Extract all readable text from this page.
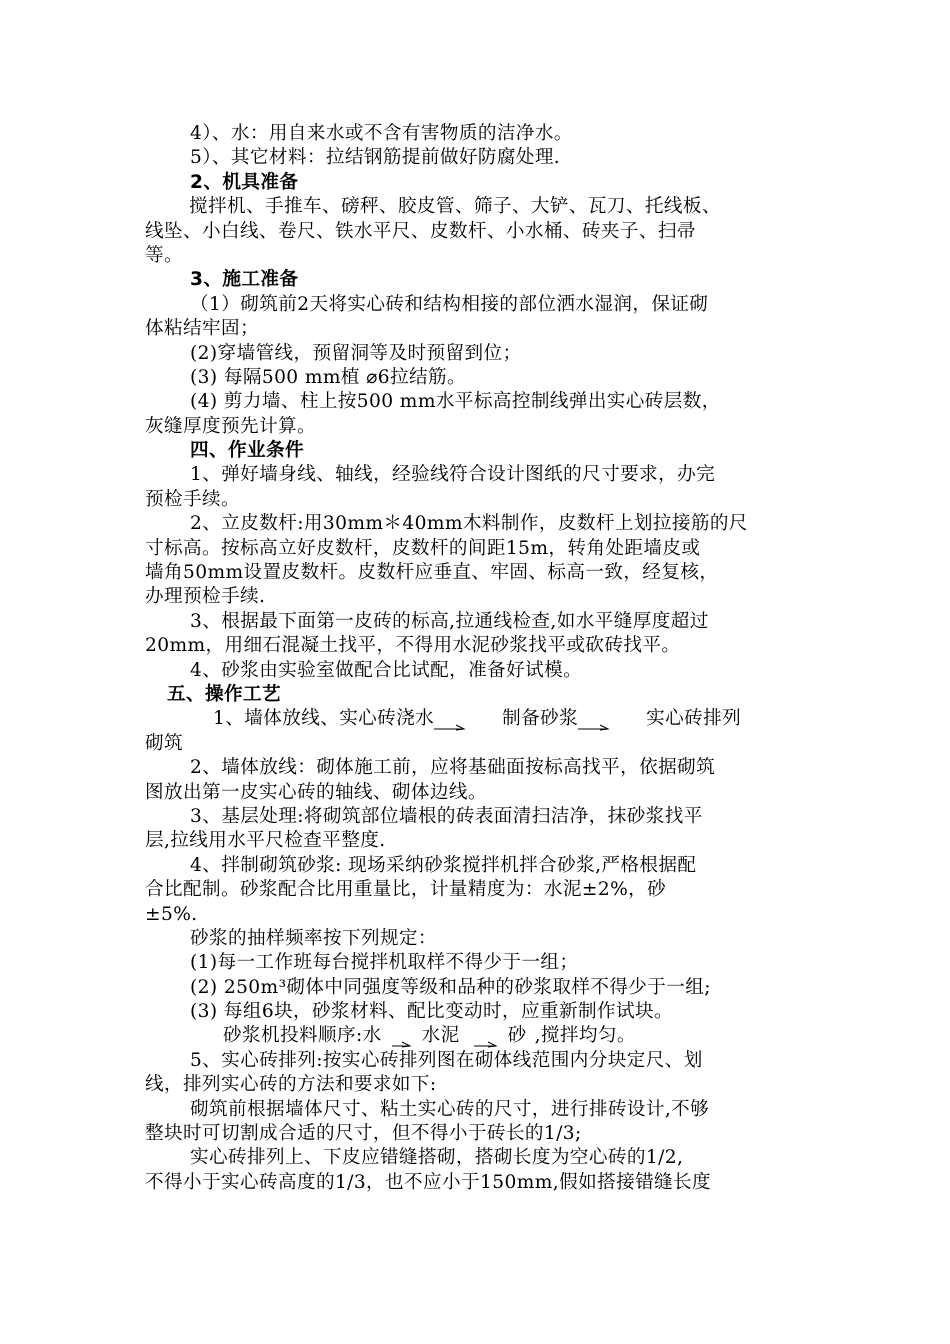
4）、水：用自来水或不含有害物质的洁净水。
5）、其它材料：拉结钢筋提前做好防腐处理.
2、机具准备
搅拌机、手推车、磅秤、胶皮管、筛子、大铲、瓦刀、托线板、
线坠、小白线、卷尺、铁水平尺、皮数杆、小水桶、砖夹子、扫帚
等。
3、施工准备
（1）砌筑前2天将实心砖和结构相接的部位洒水湿润，保证砌
体粘结牢固；
(2)穿墙管线，预留洞等及时预留到位；
(3) 每隔500 mm植 ⌀6拉结筋。
(4) 剪力墙、柱上按500 mm水平标高控制线弹出实心砖层数，
灰缝厚度预先计算。
四、作业条件
1、弹好墙身线、轴线，经验线符合设计图纸的尺寸要求，办完
预检手续。
2、立皮数杆:用30mm＊40mm木料制作，皮数杆上划拉接筋的尺
寸标高。按标高立好皮数杆，皮数杆的间距15m，转角处距墙皮或
墙角50mm设置皮数杆。皮数杆应垂直、牢固、标高一致，经复核，
办理预检手续.
3、根据最下面第一皮砖的标高,拉通线检查,如水平缝厚度超过
20mm，用细石混凝土找平，不得用水泥砂浆找平或砍砖找平。
4、砂浆由实验室做配合比试配，准备好试模。
五、操作工艺
1、墙体放线、实心砖浇水	制备砂浆	实心砖排列
砌筑
2、墙体放线：砌体施工前，应将基础面按标高找平，依据砌筑
图放出第一皮实心砖的轴线、砌体边线。
3、基层处理:将砌筑部位墙根的砖表面清扫洁净，抹砂浆找平
层,拉线用水平尺检查平整度.
4、拌制砌筑砂浆: 现场采纳砂浆搅拌机拌合砂浆,严格根据配
合比配制。砂浆配合比用重量比，计量精度为：水泥±2%，砂
±5%.
砂浆的抽样频率按下列规定：
(1)每一工作班每台搅拌机取样不得少于一组；
(2) 250m³砌体中同强度等级和品种的砂浆取样不得少于一组;
(3) 每组6块，砂浆材料、配比变动时，应重新制作试块。
砂浆机投料顺序:水 水泥	砂 ,搅拌均匀。
5、实心砖排列:按实心砖排列图在砌体线范围内分块定尺、划
线，排列实心砖的方法和要求如下:
砌筑前根据墙体尺寸、粘土实心砖的尺寸，进行排砖设计,不够
整块时可切割成合适的尺寸，但不得小于砖长的1/3;
实心砖排列上、下皮应错缝搭砌，搭砌长度为空心砖的1/2,
不得小于实心砖高度的1/3，也不应小于150mm,假如搭接错缝长度
